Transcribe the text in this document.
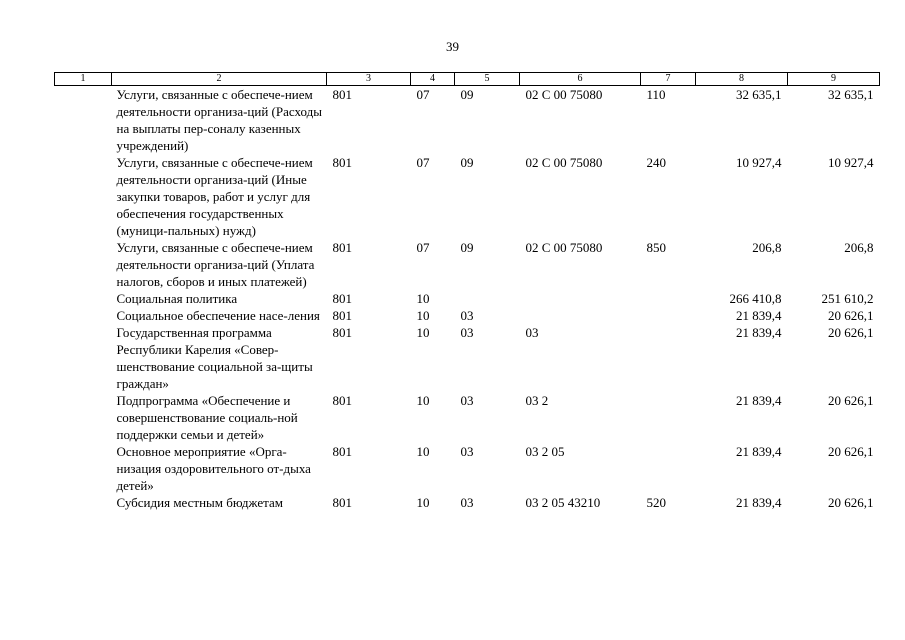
39
1	2	3	4	5	6	7	8	9
	Услуги, связанные с обеспече-нием деятельности организа-ций (Расходы на выплаты пер-соналу казенных учреждений)	801	07	09	02 С 00 75080	110	32 635,1	32 635,1
	Услуги, связанные с обеспече-нием деятельности организа-ций (Иные закупки товаров, работ и услуг для обеспечения государственных (муници-пальных) нужд)	801	07	09	02 С 00 75080	240	10 927,4	10 927,4
	Услуги, связанные с обеспече-нием деятельности организа-ций (Уплата налогов, сборов и иных платежей)	801	07	09	02 С 00 75080	850	206,8	206,8
	Социальная политика	801	10				266 410,8	251 610,2
	Социальное обеспечение насе-ления	801	10	03			21 839,4	20 626,1
	Государственная программа Республики Карелия «Совер-шенствование социальной за-щиты граждан»	801	10	03	03		21 839,4	20 626,1
	Подпрограмма «Обеспечение и совершенствование социаль-ной поддержки семьи и детей»	801	10	03	03 2		21 839,4	20 626,1
	Основное мероприятие «Орга-низация оздоровительного от-дыха детей»	801	10	03	03 2 05		21 839,4	20 626,1
	Субсидия местным бюджетам	801	10	03	03 2 05 43210	520	21 839,4	20 626,1
